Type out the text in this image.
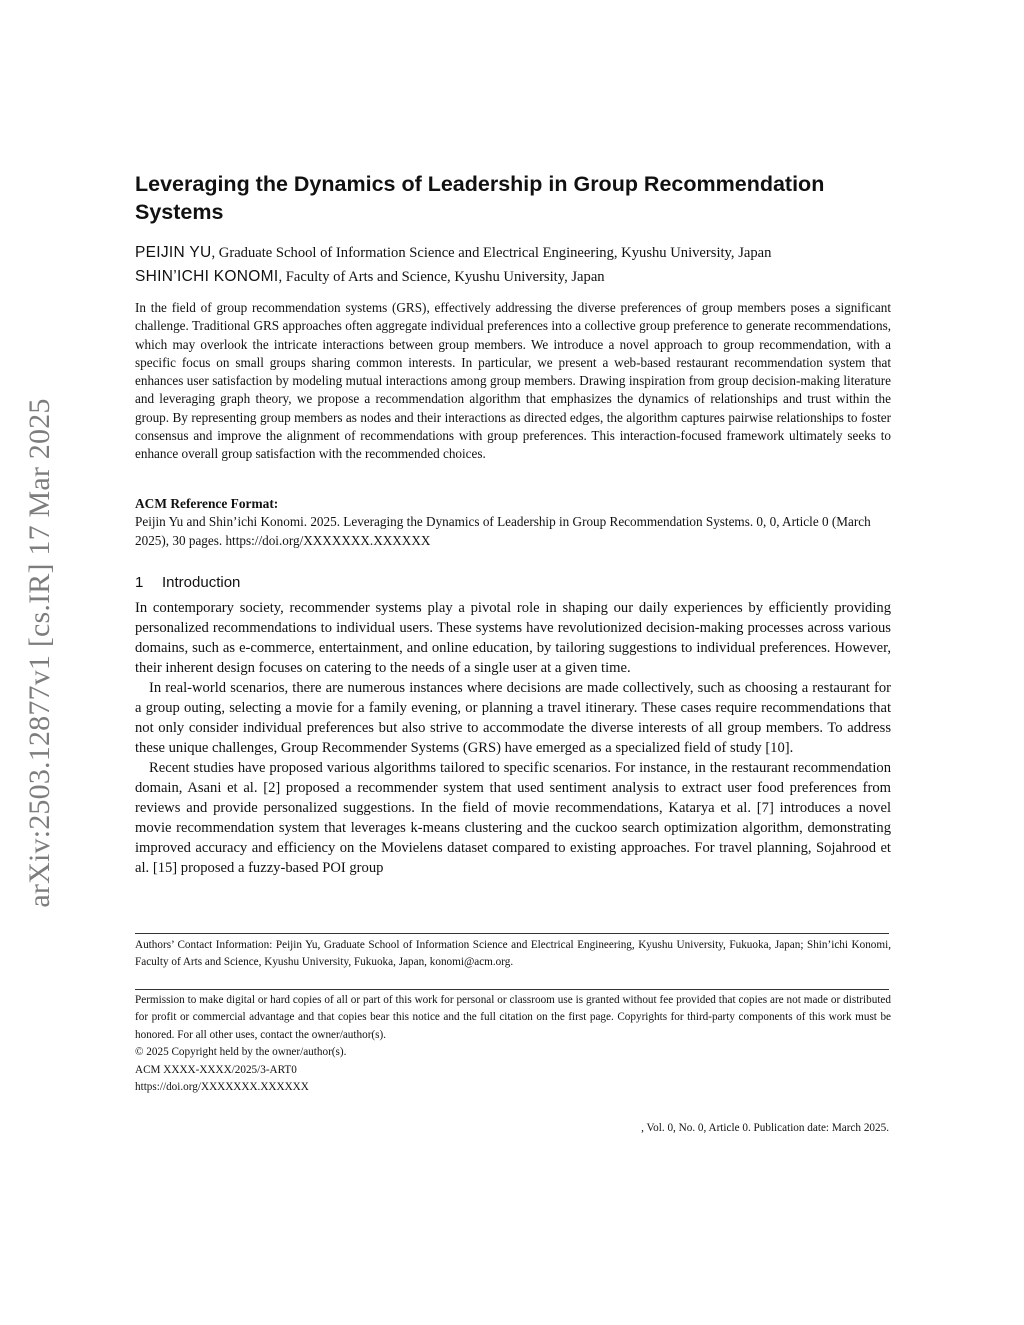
arXiv:2503.12877v1 [cs.IR] 17 Mar 2025
Leveraging the Dynamics of Leadership in Group Recommendation Systems
PEIJIN YU, Graduate School of Information Science and Electrical Engineering, Kyushu University, Japan
SHIN’ICHI KONOMI, Faculty of Arts and Science, Kyushu University, Japan

In the field of group recommendation systems (GRS), effectively addressing the diverse preferences of group members poses a significant challenge. Traditional GRS approaches often aggregate individual preferences into a collective group preference to generate recommendations, which may overlook the intricate interactions between group members. We introduce a novel approach to group recommendation, with a specific focus on small groups sharing common interests. In particular, we present a web-based restaurant recommendation system that enhances user satisfaction by modeling mutual interactions among group members. Drawing inspiration from group decision-making literature and leveraging graph theory, we propose a recommendation algorithm that emphasizes the dynamics of relationships and trust within the group. By representing group members as nodes and their interactions as directed edges, the algorithm captures pairwise relationships to foster consensus and improve the alignment of recommendations with group preferences. This interaction-focused framework ultimately seeks to enhance overall group satisfaction with the recommended choices.

ACM Reference Format:

Peijin Yu and Shin’ichi Konomi. 2025. Leveraging the Dynamics of Leadership in Group Recommendation Systems. 0, 0, Article 0 (March 2025), 30 pages. https://doi.org/XXXXXXX.XXXXXX

1 Introduction

In contemporary society, recommender systems play a pivotal role in shaping our daily experiences by efficiently providing personalized recommendations to individual users. These systems have revolutionized decision-making processes across various domains, such as e-commerce, entertainment, and online education, by tailoring suggestions to individual preferences. However, their inherent design focuses on catering to the needs of a single user at a given time.

In real-world scenarios, there are numerous instances where decisions are made collectively, such as choosing a restaurant for a group outing, selecting a movie for a family evening, or planning a travel itinerary. These cases require recommendations that not only consider individual preferences but also strive to accommodate the diverse interests of all group members. To address these unique challenges, Group Recommender Systems (GRS) have emerged as a specialized field of study [10].

Recent studies have proposed various algorithms tailored to specific scenarios. For instance, in the restaurant recommendation domain, Asani et al. [2] proposed a recommender system that used sentiment analysis to extract user food preferences from reviews and provide personalized suggestions. In the field of movie recommendations, Katarya et al. [7] introduces a novel movie recommendation system that leverages k-means clustering and the cuckoo search optimization algorithm, demonstrating improved accuracy and efficiency on the Movielens dataset compared to existing approaches. For travel planning, Sojahrood et al. [15] proposed a fuzzy-based POI group

Authors’ Contact Information: Peijin Yu, Graduate School of Information Science and Electrical Engineering, Kyushu University, Fukuoka, Japan; Shin’ichi Konomi, Faculty of Arts and Science, Kyushu University, Fukuoka, Japan, konomi@acm.org.

Permission to make digital or hard copies of all or part of this work for personal or classroom use is granted without fee provided that copies are not made or distributed for profit or commercial advantage and that copies bear this notice and the full citation on the first page. Copyrights for third-party components of this work must be honored. For all other uses, contact the owner/author(s).

© 2025 Copyright held by the owner/author(s).

ACM XXXX-XXXX/2025/3-ART0

https://doi.org/XXXXXXX.XXXXXX

, Vol. 0, No. 0, Article 0. Publication date: March 2025.
